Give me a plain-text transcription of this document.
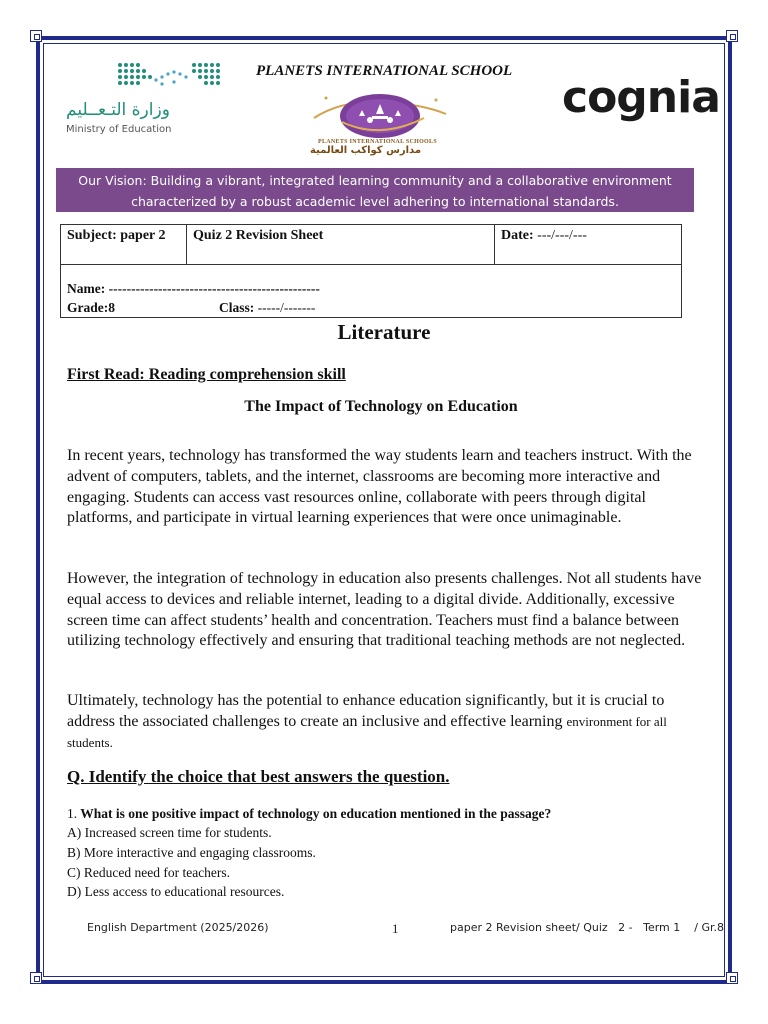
وزارة التـعــليم
Ministry of Education
PLANETS INTERNATIONAL SCHOOL
PLANETS INTERNATIONAL SCHOOLS
مدارس كواكب العالمية
cognia
Our Vision: Building a vibrant, integrated learning community and a collaborative environment characterized by a robust academic level adhering to international standards.
Subject: paper 2	Quiz 2 Revision Sheet	Date: ---/---/---
Name: -----------------------------------------------
Grade:8	Class: -----/-------
Literature
First Read: Reading comprehension skill
The Impact of Technology on Education

In recent years, technology has transformed the way students learn and teachers instruct. With the advent of computers, tablets, and the internet, classrooms are becoming more interactive and engaging. Students can access vast resources online, collaborate with peers through digital platforms, and participate in virtual learning experiences that were once unimaginable.

However, the integration of technology in education also presents challenges. Not all students have equal access to devices and reliable internet, leading to a digital divide. Additionally, excessive screen time can affect students’ health and concentration. Teachers must find a balance between utilizing technology effectively and ensuring that traditional teaching methods are not neglected.

Ultimately, technology has the potential to enhance education significantly, but it is crucial to address the associated challenges to create an inclusive and effective learning environment for all students.

Q. Identify the choice that best answers the question.
1. What is one positive impact of technology on education mentioned in the passage?
A) Increased screen time for students.
B) More interactive and engaging classrooms.
C) Reduced need for teachers.
D) Less access to educational resources.
English Department (2025/2026)	1	paper 2 Revision sheet/ Quiz   2 -   Term 1    / Gr.8
